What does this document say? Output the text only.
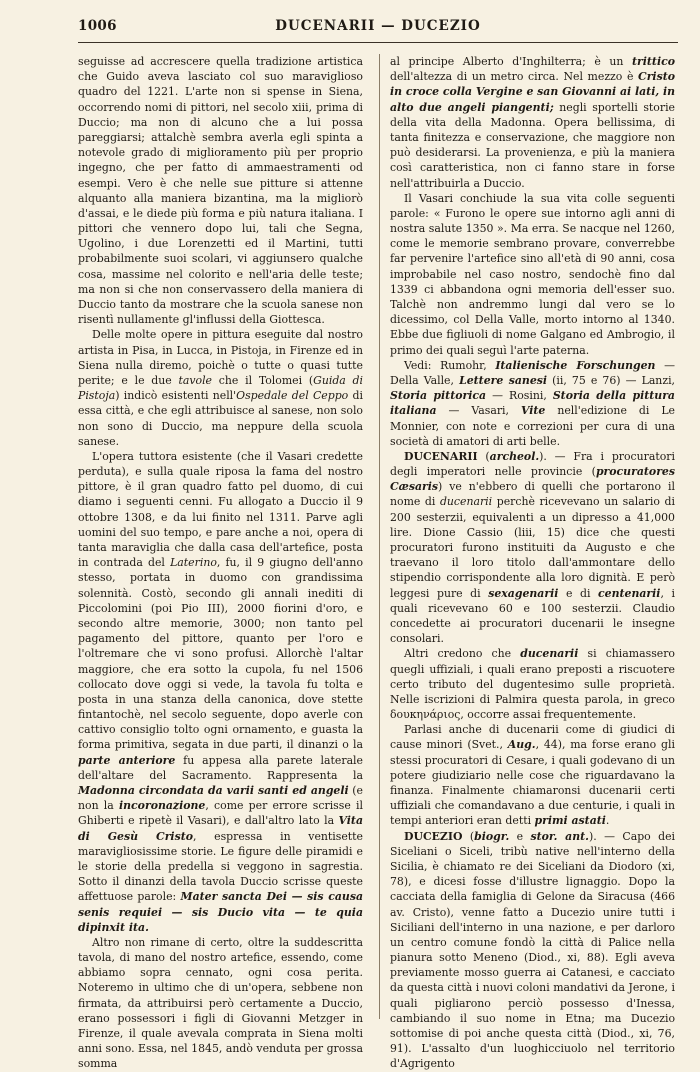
1006	DUCENARII — DUCEZIO

seguisse ad accrescere quella tradizione artistica che Guido aveva lasciato col suo maraviglioso quadro del 1221. L'arte non si spense in Siena, occorrendo nomi di pittori, nel secolo xiii, prima di Duccio; ma non di alcuno che a lui possa pareggiarsi; attalchè sembra averla egli spinta a notevole grado di miglioramento più per proprio ingegno, che per fatto di ammaestramenti od esempi. Vero è che nelle sue pitture si attenne alquanto alla maniera bizantina, ma la migliorò d'assai, e le diede più forma e più natura italiana. I pittori che vennero dopo lui, tali che Segna, Ugolino, i due Lorenzetti ed il Martini, tutti probabilmente suoi scolari, vi aggiunsero qualche cosa, massime nel colorito e nell'aria delle teste; ma non si che non conservassero della maniera di Duccio tanto da mostrare che la scuola sanese non risentì nullamente gl'influssi della Giottesca.

Delle molte opere in pittura eseguite dal nostro artista in Pisa, in Lucca, in Pistoja, in Firenze ed in Siena nulla diremo, poichè o tutte o quasi tutte perite; e le due tavole che il Tolomei (Guida di Pistoja) indicò esistenti nell'Ospedale del Ceppo di essa città, e che egli attribuisce al sanese, non solo non sono di Duccio, ma neppure della scuola sanese.

L'opera tuttora esistente (che il Vasari credette perduta), e sulla quale riposa la fama del nostro pittore, è il gran quadro fatto pel duomo, di cui diamo i seguenti cenni. Fu allogato a Duccio il 9 ottobre 1308, e da lui finito nel 1311. Parve agli uomini del suo tempo, e pare anche a noi, opera di tanta maraviglia che dalla casa dell'artefice, posta in contrada del Laterino, fu, il 9 giugno dell'anno stesso, portata in duomo con grandissima solennità. Costò, secondo gli annali inediti di Piccolomini (poi Pio III), 2000 fiorini d'oro, e secondo altre memorie, 3000; non tanto pel pagamento del pittore, quanto per l'oro e l'oltremare che vi sono profusi. Allorchè l'altar maggiore, che era sotto la cupola, fu nel 1506 collocato dove oggi si vede, la tavola fu tolta e posta in una stanza della canonica, dove stette fintantochè, nel secolo seguente, dopo averle con cattivo consiglio tolto ogni ornamento, e guasta la forma primitiva, segata in due parti, il dinanzi o la parte anteriore fu appesa alla parete laterale dell'altare del Sacramento. Rappresenta la Madonna circondata da varii santi ed angeli (e non la incoronazione, come per errore scrisse il Ghiberti e ripetè il Vasari), e dall'altro lato la Vita di Gesù Cristo, espressa in ventisette maravigliosissime storie. Le figure delle piramidi e le storie della predella si veggono in sagrestia. Sotto il dinanzi della tavola Duccio scrisse queste affettuose parole: Mater sancta Dei — sis causa senis requiei — sis Ducio vita — te quia dipinxit ita.

Altro non rimane di certo, oltre la suddescritta tavola, di mano del nostro artefice, essendo, come abbiamo sopra cennato, ogni cosa perita. Noteremo in ultimo che di un'opera, sebbene non firmata, da attribuirsi però certamente a Duccio, erano possessori i figli di Giovanni Metzger in Firenze, il quale avevala comprata in Siena molti anni sono. Essa, nel 1845, andò venduta per grossa somma

al principe Alberto d'Inghilterra; è un trittico dell'altezza di un metro circa. Nel mezzo è Cristo in croce colla Vergine e san Giovanni ai lati, in alto due angeli piangenti; negli sportelli storie della vita della Madonna. Opera bellissima, di tanta finitezza e conservazione, che maggiore non può desiderarsi. La provenienza, e più la maniera così caratteristica, non ci fanno stare in forse nell'attribuirla a Duccio.

Il Vasari conchiude la sua vita colle seguenti parole: « Furono le opere sue intorno agli anni di nostra salute 1350 ». Ma erra. Se nacque nel 1260, come le memorie sembrano provare, converrebbe far pervenire l'artefice sino all'età di 90 anni, cosa improbabile nel caso nostro, sendochè fino dal 1339 ci abbandona ogni memoria dell'esser suo. Talchè non andremmo lungi dal vero se lo dicessimo, col Della Valle, morto intorno al 1340. Ebbe due figliuoli di nome Galgano ed Ambrogio, il primo dei quali seguì l'arte paterna.

Vedi: Rumohr, Italienische Forschungen — Della Valle, Lettere sanesi (ii, 75 e 76) — Lanzi, Storia pittorica — Rosini, Storia della pittura italiana — Vasari, Vite nell'edizione di Le Monnier, con note e correzioni per cura di una società di amatori di arti belle.

DUCENARII (archeol.). — Fra i procuratori degli imperatori nelle provincie (procuratores Cæsaris) ve n'ebbero di quelli che portarono il nome di ducenarii perchè ricevevano un salario di 200 sesterzii, equivalenti a un dipresso a 41,000 lire. Dione Cassio (liii, 15) dice che questi procuratori furono instituiti da Augusto e che traevano il loro titolo dall'ammontare dello stipendio corrispondente alla loro dignità. E però leggesi pure di sexagenarii e di centenarii, i quali ricevevano 60 e 100 sesterzii. Claudio concedette ai procuratori ducenarii le insegne consolari.

Altri credono che ducenarii si chiamassero quegli uffiziali, i quali erano preposti a riscuotere certo tributo del dugentesimo sulle proprietà. Nelle iscrizioni di Palmira questa parola, in greco δουκηνάριος, occorre assai frequentemente.

Parlasi anche di ducenarii come di giudici di cause minori (Svet., Aug., 44), ma forse erano gli stessi procuratori di Cesare, i quali godevano di un potere giudiziario nelle cose che riguardavano la finanza. Finalmente chiamaronsi ducenarii certi uffiziali che comandavano a due centurie, i quali in tempi anteriori eran detti primi astati.

DUCEZIO (biogr. e stor. ant.). — Capo dei Siceliani o Siceli, tribù native nell'interno della Sicilia, è chiamato re dei Siceliani da Diodoro (xi, 78), e dicesi fosse d'illustre lignaggio. Dopo la cacciata della famiglia di Gelone da Siracusa (466 av. Cristo), venne fatto a Ducezio unire tutti i Siciliani dell'interno in una nazione, e per darloro un centro comune fondò la città di Palice nella pianura sotto Meneno (Diod., xi, 88). Egli aveva previamente mosso guerra ai Catanesi, e cacciato da questa città i nuovi coloni mandativi da Jerone, i quali pigliarono perciò possesso d'Inessa, cambiando il suo nome in Etna; ma Ducezio sottomise di poi anche questa città (Diod., xi, 76, 91). L'assalto d'un luoghicciuolo nel territorio d'Agrigento
